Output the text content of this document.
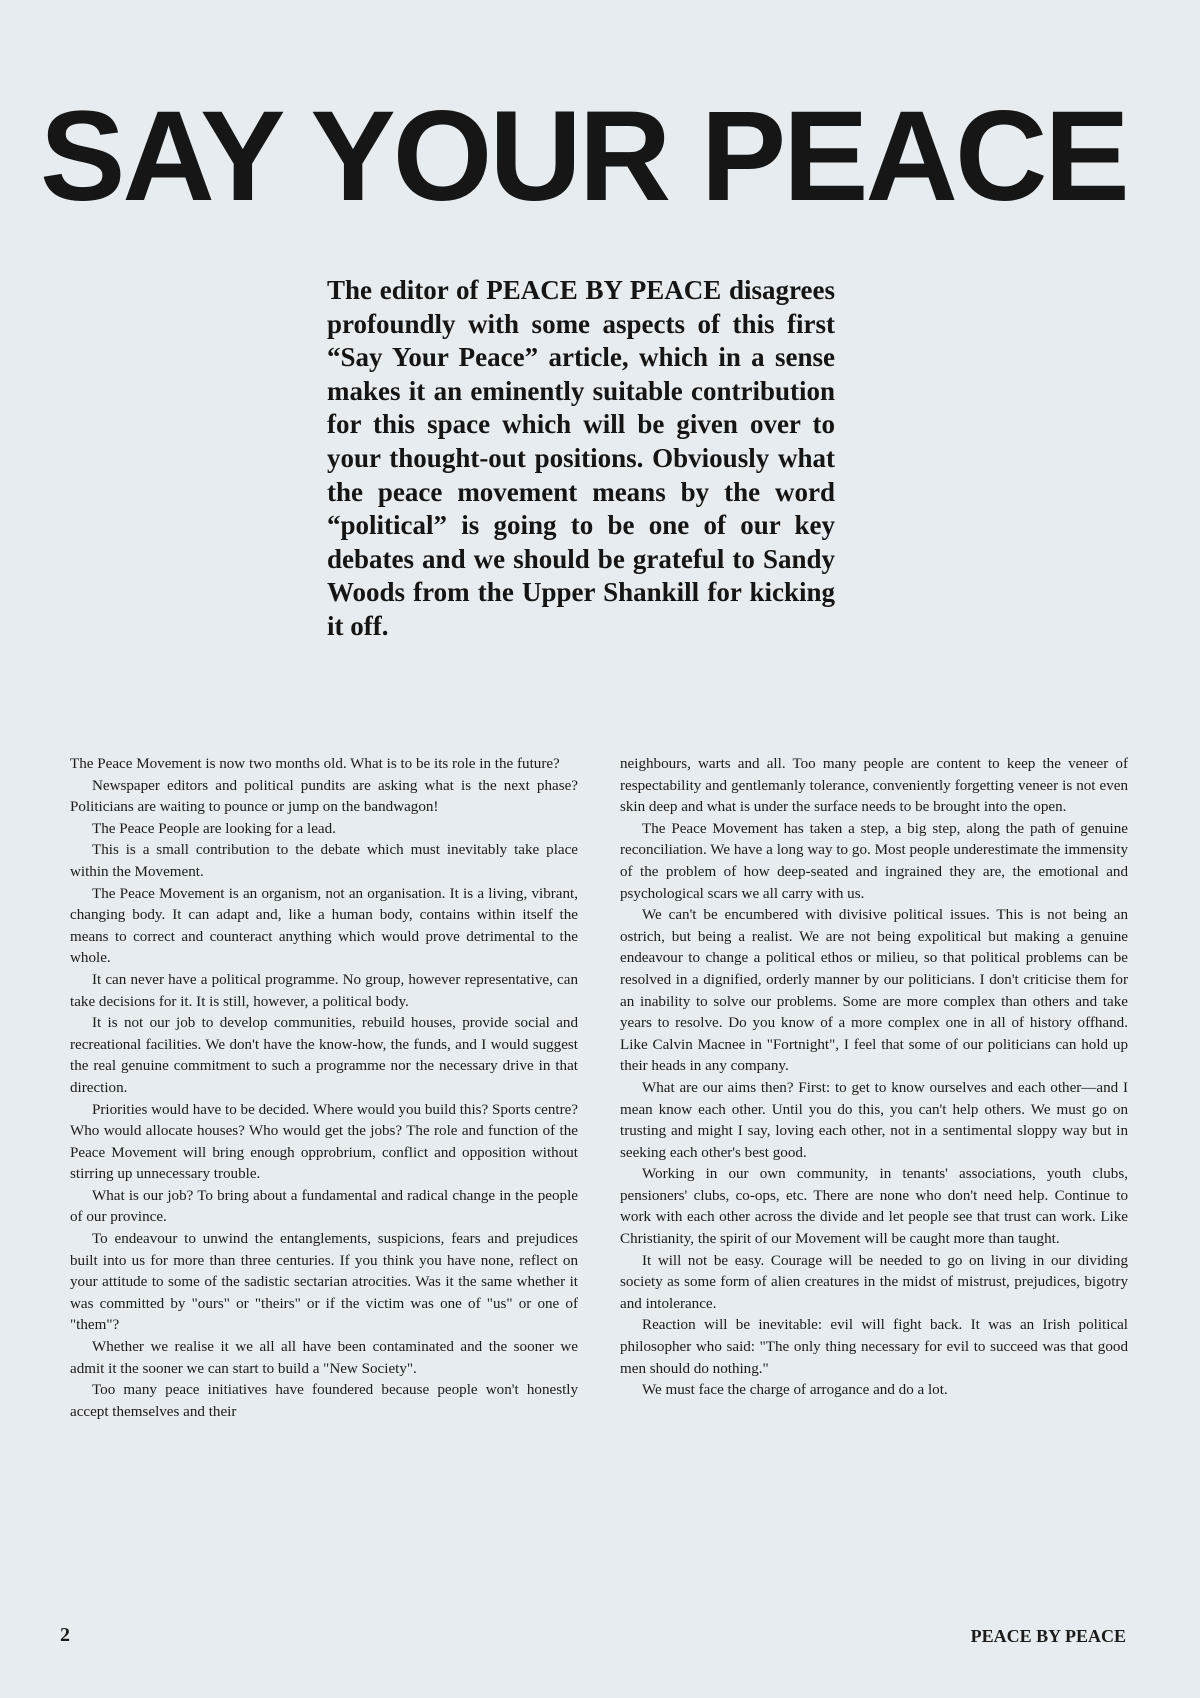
SAY YOUR PEACE

The editor of PEACE BY PEACE disagrees profoundly with some aspects of this first “Say Your Peace” article, which in a sense makes it an eminently suitable contribution for this space which will be given over to your thought-out positions. Obviously what the peace movement means by the word “political” is going to be one of our key debates and we should be grateful to Sandy Woods from the Upper Shankill for kicking it off.

The Peace Movement is now two months old. What is to be its role in the future?

Newspaper editors and political pundits are asking what is the next phase? Politicians are waiting to pounce or jump on the bandwagon!

The Peace People are looking for a lead.

This is a small contribution to the debate which must inevitably take place within the Movement.

The Peace Movement is an organism, not an organisation. It is a living, vibrant, changing body. It can adapt and, like a human body, contains within itself the means to correct and counteract anything which would prove detrimental to the whole.

It can never have a political programme. No group, however representative, can take decisions for it. It is still, however, a political body.

It is not our job to develop communities, rebuild houses, provide social and recreational facilities. We don't have the know-how, the funds, and I would suggest the real genuine commitment to such a programme nor the necessary drive in that direction.

Priorities would have to be decided. Where would you build this? Sports centre? Who would allocate houses? Who would get the jobs? The role and function of the Peace Movement will bring enough opprobrium, conflict and opposition without stirring up unnecessary trouble.

What is our job? To bring about a fundamental and radical change in the people of our province.

To endeavour to unwind the entanglements, suspicions, fears and prejudices built into us for more than three centuries. If you think you have none, reflect on your attitude to some of the sadistic sectarian atrocities. Was it the same whether it was committed by "ours" or "theirs" or if the victim was one of "us" or one of "them"?

Whether we realise it we all all have been contaminated and the sooner we admit it the sooner we can start to build a "New Society".

Too many peace initiatives have foundered because people won't honestly accept themselves and their

neighbours, warts and all. Too many people are content to keep the veneer of respectability and gentlemanly tolerance, conveniently forgetting veneer is not even skin deep and what is under the surface needs to be brought into the open.

The Peace Movement has taken a step, a big step, along the path of genuine reconciliation. We have a long way to go. Most people underestimate the immensity of the problem of how deep-seated and ingrained they are, the emotional and psychological scars we all carry with us.

We can't be encumbered with divisive political issues. This is not being an ostrich, but being a realist. We are not being expolitical but making a genuine endeavour to change a political ethos or milieu, so that political problems can be resolved in a dignified, orderly manner by our politicians. I don't criticise them for an inability to solve our problems. Some are more complex than others and take years to resolve. Do you know of a more complex one in all of history offhand. Like Calvin Macnee in "Fortnight", I feel that some of our politicians can hold up their heads in any company.

What are our aims then? First: to get to know ourselves and each other—and I mean know each other. Until you do this, you can't help others. We must go on trusting and might I say, loving each other, not in a sentimental sloppy way but in seeking each other's best good.

Working in our own community, in tenants' associations, youth clubs, pensioners' clubs, co-ops, etc. There are none who don't need help. Continue to work with each other across the divide and let people see that trust can work. Like Christianity, the spirit of our Movement will be caught more than taught.

It will not be easy. Courage will be needed to go on living in our dividing society as some form of alien creatures in the midst of mistrust, prejudices, bigotry and intolerance.

Reaction will be inevitable: evil will fight back. It was an Irish political philosopher who said: "The only thing necessary for evil to succeed was that good men should do nothing."

We must face the charge of arrogance and do a lot.

2	PEACE BY PEACE
